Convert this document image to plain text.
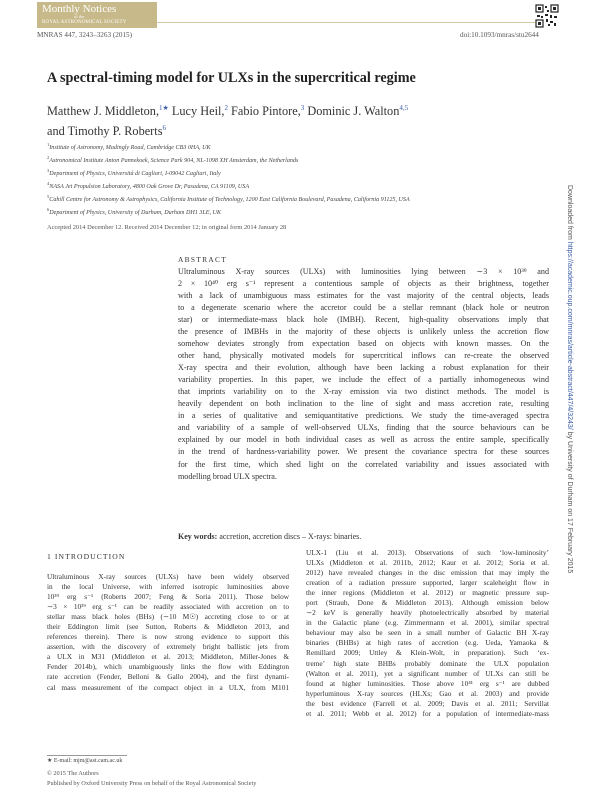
Monthly Notices
of the
ROYAL ASTRONOMICAL SOCIETY
MNRAS 447, 3243–3263 (2015)	doi:10.1093/mnras/stu2644
A spectral-timing model for ULXs in the supercritical regime
Matthew J. Middleton,$^{1★}$ Lucy Heil,$^2$ Fabio Pintore,$^3$ Dominic J. Walton$^{4,5}$
and Timothy P. Roberts$^6$
$^1$Institute of Astronomy, Madingly Road, Cambridge CB3 0HA, UK
$^2$Astronomical Institute Anton Pannekoek, Science Park 904, NL-1098 XH Amsterdam, the Netherlands
$^3$Department of Physics, Universitá di Cagliari, I-09042 Cagliari, Italy
$^4$NASA Jet Propulsion Laboratory, 4800 Oak Grove Dr, Pasadena, CA 91109, USA
$^5$Cahill Centre for Astronomy & Astrophysics, California Institute of Technology, 1200 East California Boulevard, Pasadena, California 91125, USA
$^6$Department of Physics, University of Durham, Durham DH1 3LE, UK
Accepted 2014 December 12. Received 2014 December 12; in original form 2014 January 28
ABSTRACT
Ultraluminous X-ray sources (ULXs) with luminosities lying between ∼3 × 10³⁹ and
2 × 10⁴⁰ erg s⁻¹ represent a contentious sample of objects as their brightness, together
with a lack of unambiguous mass estimates for the vast majority of the central objects, leads
to a degenerate scenario where the accretor could be a stellar remnant (black hole or neutron
star) or intermediate-mass black hole (IMBH). Recent, high-quality observations imply that
the presence of IMBHs in the majority of these objects is unlikely unless the accretion flow
somehow deviates strongly from expectation based on objects with known masses. On the
other hand, physically motivated models for supercritical inflows can re-create the observed
X-ray spectra and their evolution, although have been lacking a robust explanation for their
variability properties. In this paper, we include the effect of a partially inhomogeneous wind
that imprints variability on to the X-ray emission via two distinct methods. The model is
heavily dependent on both inclination to the line of sight and mass accretion rate, resulting
in a series of qualitative and semiquantitative predictions. We study the time-averaged spectra
and variability of a sample of well-observed ULXs, finding that the source behaviours can be
explained by our model in both individual cases as well as across the entire sample, specifically
in the trend of hardness-variability power. We present the covariance spectra for these sources
for the first time, which shed light on the correlated variability and issues associated with
modelling broad ULX spectra.
Key words: accretion, accretion discs – X-rays: binaries.
1 INTRODUCTION
Ultraluminous X-ray sources (ULXs) have been widely observed
in the local Universe, with inferred isotropic luminosities above
10³⁹ erg s⁻¹ (Roberts 2007; Feng & Soria 2011). Those below
∼3 × 10³⁹ erg s⁻¹ can be readily associated with accretion on to
stellar mass black holes (BHs) (∼10 M☉) accreting close to or at
their Eddington limit (see Sutton, Roberts & Middleton 2013, and
references therein). There is now strong evidence to support this
assertion, with the discovery of extremely bright ballistic jets from
a ULX in M31 (Middleton et al. 2013; Middleton, Miller-Jones &
Fender 2014b), which unambiguously links the flow with Eddington
rate accretion (Fender, Belloni & Gallo 2004), and the first dynami-
cal mass measurement of the compact object in a ULX, from M101
ULX-1 (Liu et al. 2013). Observations of such ‘low-luminosity’
ULXs (Middleton et al. 2011b, 2012; Kaur et al. 2012; Soria et al.
2012) have revealed changes in the disc emission that may imply the
creation of a radiation pressure supported, larger scaleheight flow in
the inner regions (Middleton et al. 2012) or magnetic pressure sup-
port (Straub, Done & Middleton 2013). Although emission below
∼2 keV is generally heavily photoelectrically absorbed by material
in the Galactic plane (e.g. Zimmermann et al. 2001), similar spectral
behaviour may also be seen in a small number of Galactic BH X-ray
binaries (BHBs) at high rates of accretion (e.g. Ueda, Yamaoka &
Remillard 2009; Uttley & Klein-Wolt, in preparation). Such ‘ex-
treme’ high state BHBs probably dominate the ULX population
(Walton et al. 2011), yet a significant number of ULXs can still be
found at higher luminosities. Those above 10⁴¹ erg s⁻¹ are dubbed
hyperluminous X-ray sources (HLXs; Gao et al. 2003) and provide
the best evidence (Farrell et al. 2009; Davis et al. 2011; Servillat
et al. 2011; Webb et al. 2012) for a population of intermediate-mass
★ E-mail: mjm@ast.cam.ac.uk
© 2015 The Authors
Published by Oxford University Press on behalf of the Royal Astronomical Society
Downloaded from https://academic.oup.com/mnras/article-abstract/447/4/3243/ by University of Durham on 17 February 2015
